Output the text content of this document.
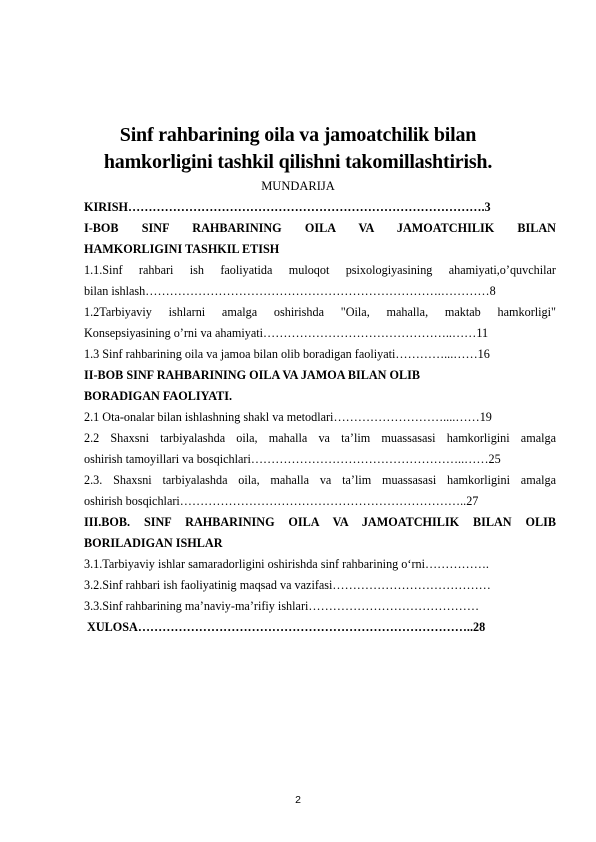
Sinf rahbarining oila va jamoatchilik bilan
hamkorligini tashkil qilishni takomillashtirish.
MUNDARIJA
KIRISH…………………………………………………………………………….3
I-BOB SINF RAHBARINING OILA VA JAMOATCHILIK BILAN
HAMKORLIGINI TASHKIL ETISH
1.1.Sinf rahbari ish faoliyatida muloqot psixologiyasining ahamiyati,o’quvchilar
bilan ishlash……………………………………………………………….…………8
1.2Tarbiyaviy ishlarni amalga oshirishda "Oila, mahalla, maktab hamkorligi"
Konsepsiyasining o’rni va ahamiyati………………………………………..……11
1.3 Sinf rahbarining oila va jamoa bilan olib boradigan faoliyati…………...……16
II-BOB SINF RAHBARINING OILA VA JAMOA BILAN OLIB
BORADIGAN FAOLIYATI.
2.1 Ota-onalar bilan ishlashning shakl va metodlari………………………....……19
2.2 Shaxsni tarbiyalashda oila, mahalla va ta’lim muassasasi hamkorligini amalga
oshirish tamoyillari va bosqichlari……………………………………………..……25
2.3. Shaxsni tarbiyalashda oila, mahalla va ta’lim muassasasi hamkorligini amalga
oshirish bosqichlari……………………………………………………………..27
III.BOB. SINF RAHBARINING OILA VA JAMOATCHILIK BILAN OLIB
BORILADIGAN ISHLAR
3.1.Tarbiyaviy ishlar samaradorligini oshirishda sinf rahbarining o‘rni…………….
3.2.Sinf rahbari ish faoliyatinig maqsad va vazifasi…………………………………
3.3.Sinf rahbarining ma’naviy-ma’rifiy ishlari……………………………………
XULOSA………………………………………………………………………..28
2
